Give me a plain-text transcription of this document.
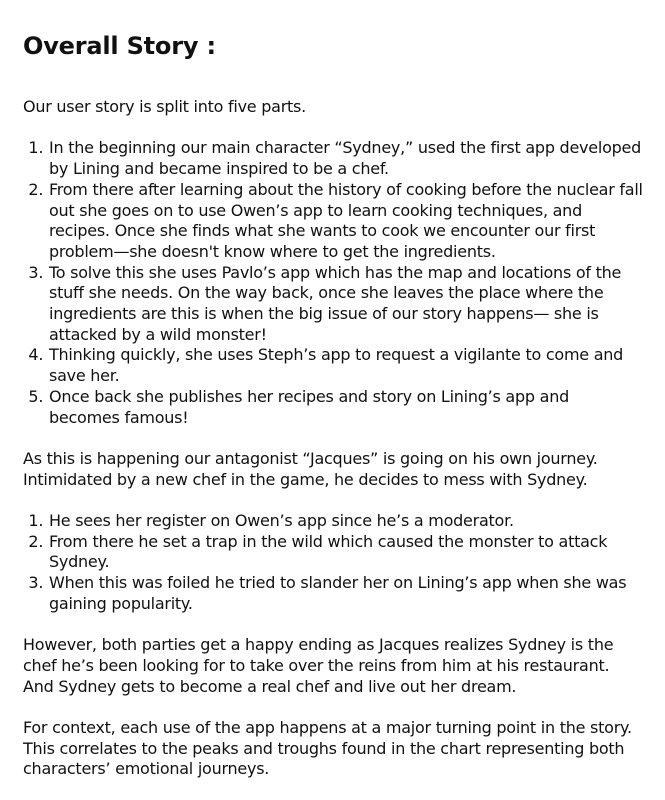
Overall Story :

Our user story is split into five parts.

1. In the beginning our main character “Sydney,” used the first app developed by Lining and became inspired to be a chef.
2. From there after learning about the history of cooking before the nuclear fall out she goes on to use Owen’s app to learn cooking techniques, and recipes. Once she finds what she wants to cook we encounter our first problem—she doesn't know where to get the ingredients.
3. To solve this she uses Pavlo’s app which has the map and locations of the stuff she needs. On the way back, once she leaves the place where the ingredients are this is when the big issue of our story happens— she is attacked by a wild monster!
4. Thinking quickly, she uses Steph’s app to request a vigilante to come and save her.
5. Once back she publishes her recipes and story on Lining’s app and becomes famous!

As this is happening our antagonist “Jacques” is going on his own journey. Intimidated by a new chef in the game, he decides to mess with Sydney.

1. He sees her register on Owen’s app since he’s a moderator.
2. From there he set a trap in the wild which caused the monster to attack Sydney.
3. When this was foiled he tried to slander her on Lining’s app when she was gaining popularity.

However, both parties get a happy ending as Jacques realizes Sydney is the chef he’s been looking for to take over the reins from him at his restaurant. And Sydney gets to become a real chef and live out her dream.

For context, each use of the app happens at a major turning point in the story. This correlates to the peaks and troughs found in the chart representing both characters’ emotional journeys.
